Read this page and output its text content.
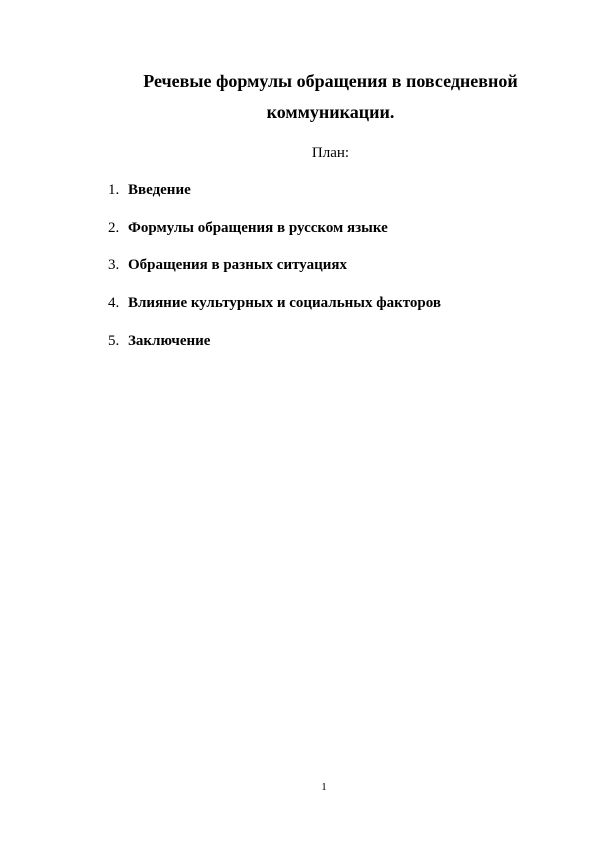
Речевые формулы обращения в повседневной
коммуникации.

План:

1. Введение
2. Формулы обращения в русском языке
3. Обращения в разных ситуациях
4. Влияние культурных и социальных факторов
5. Заключение
1
